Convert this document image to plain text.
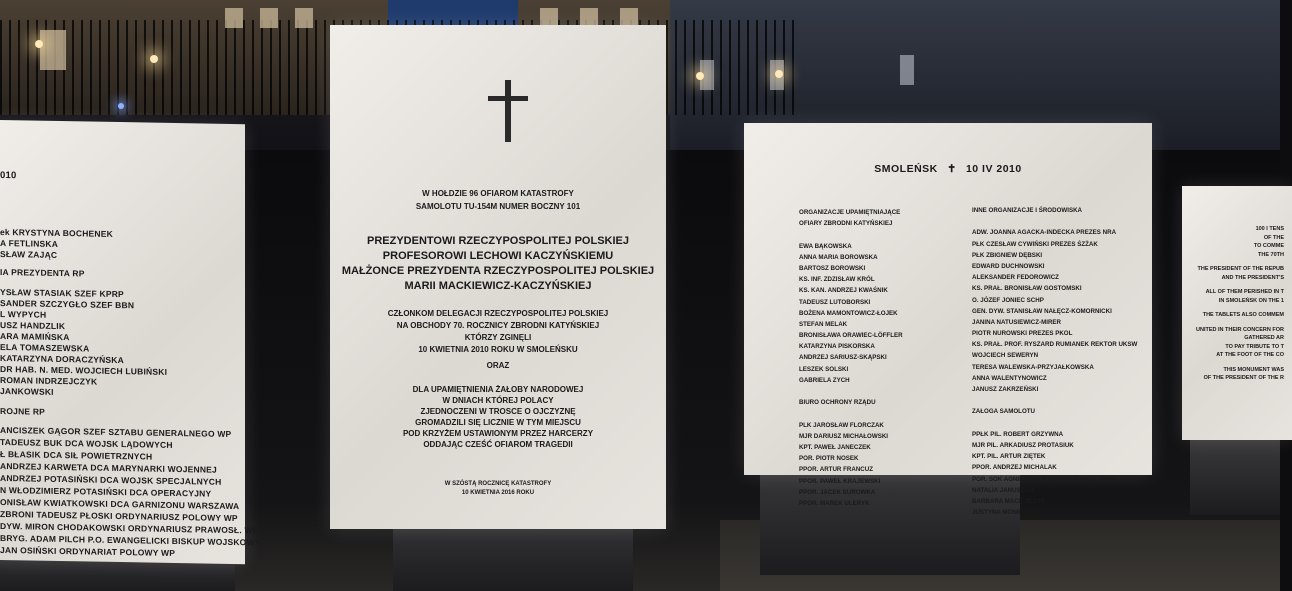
010
ek KRYSTYNA BOCHENEK
A FETLINSKA
SŁAW ZAJĄC
IA PREZYDENTA RP
YSŁAW STASIAK SZEF KPRP
SANDER SZCZYGŁO SZEF BBN
L WYPYCH
USZ HANDZLIK
ARA MAMIŃSKA
ELA TOMASZEWSKA
KATARZYNA DORACZYŃSKA
DR HAB. N. MED. WOJCIECH LUBIŃSKI
ROMAN INDRZEJCZYK
JANKOWSKI
ROJNE RP
ANCISZEK GĄGOR SZEF SZTABU GENERALNEGO WP
TADEUSZ BUK DCA WOJSK LĄDOWYCH
Ł BŁASIK DCA SIŁ POWIETRZNYCH
ANDRZEJ KARWETA DCA MARYNARKI WOJENNEJ
ANDRZEJ POTASIŃSKI DCA WOJSK SPECJALNYCH
N WŁODZIMIERZ POTASIŃSKI DCA OPERACYJNY
ONISŁAW KWIATKOWSKI DCA GARNIZONU WARSZAWA
ZBRONI TADEUSZ PŁOSKI ORDYNARIUSZ POLOWY WP
DYW. MIRON CHODAKOWSKI ORDYNARIUSZ PRAWOSŁ. WP
BRYG. ADAM PILCH P.O. EWANGELICKI BISKUP WOJSKOWY
JAN OSIŃSKI ORDYNARIAT POLOWY WP
W HOŁDZIE 96 OFIAROM KATASTROFY
SAMOLOTU TU-154M NUMER BOCZNY 101
PREZYDENTOWI RZECZYPOSPOLITEJ POLSKIEJ
PROFESOROWI LECHOWI KACZYŃSKIEMU
MAŁŻONCE PREZYDENTA RZECZYPOSPOLITEJ POLSKIEJ
MARII MACKIEWICZ-KACZYŃSKIEJ
CZŁONKOM DELEGACJI RZECZYPOSPOLITEJ POLSKIEJ
NA OBCHODY 70. ROCZNICY ZBRODNI KATYŃSKIEJ
KTÓRZY ZGINĘLI
10 KWIETNIA 2010 ROKU W SMOLEŃSKU
ORAZ
DLA UPAMIĘTNIENIA ŻAŁOBY NARODOWEJ
W DNIACH KTÓREJ POLACY
ZJEDNOCZENI W TROSCE O OJCZYZNĘ
GROMADZILI SIĘ LICZNIE W TYM MIEJSCU
POD KRZYŻEM USTAWIONYM PRZEZ HARCERZY
ODDAJĄC CZEŚĆ OFIAROM TRAGEDII
W SZÓSTĄ ROCZNICĘ KATASTROFY
10 KWIETNIA 2016 ROKU
SMOLEŃSK ✝ 10 IV 2010
ORGANIZACJE UPAMIĘTNIAJĄCE
OFIARY ZBRODNI KATYŃSKIEJ
EWA BĄKOWSKA
ANNA MARIA BOROWSKA
BARTOSZ BOROWSKI
KS. INF. ZDZISŁAW KRÓL
KS. KAN. ANDRZEJ KWAŚNIK
TADEUSZ LUTOBORSKI
BOŻENA MAMONTOWICZ-ŁOJEK
STEFAN MELAK
BRONISŁAWA ORAWIEC-LÖFFLER
KATARZYNA PISKORSKA
ANDRZEJ SARIUSZ-SKĄPSKI
LESZEK SOLSKI
GABRIELA ZYCH
BIURO OCHRONY RZĄDU
PLK JAROSŁAW FLORCZAK
MJR DARIUSZ MICHAŁOWSKI
KPT. PAWEŁ JANECZEK
POR. PIOTR NOSEK
PPOR. ARTUR FRANCUZ
PPOR. PAWEŁ KRAJEWSKI
PPOR. JACEK SUROWKA
PPOR. MAREK ULERYK
INNE ORGANIZACJE I ŚRODOWISKA
ADW. JOANNA AGACKA-INDECKA PREZES NRA
PŁK CZESŁAW CYWIŃSKI PREZES ŚZŻAK
PŁK ZBIGNIEW DĘBSKI
EDWARD DUCHNOWSKI
ALEKSANDER FEDOROWICZ
KS. PRAŁ. BRONISŁAW GOSTOMSKI
O. JÓZEF JONIEC SCHP
GEN. DYW. STANISŁAW NAŁĘCZ-KOMORNICKI
JANINA NATUSIEWICZ-MIRER
PIOTR NUROWSKI PREZES PKOL
KS. PRAŁ. PROF. RYSZARD RUMIANEK REKTOR UKSW
WOJCIECH SEWERYN
TERESA WALEWSKA-PRZYJAŁKOWSKA
ANNA WALENTYNOWICZ
JANUSZ ZAKRZEŃSKI
ZAŁOGA SAMOLOTU
PPŁK PIL. ROBERT GRZYWNA
MJR PIL. ARKADIUSZ PROTASIUK
KPT. PIL. ARTUR ZIĘTEK
PPOR. ANDRZEJ MICHALAK
POR. SOK AGNIESZKA POGRÓDKA-WĘCŁAWEK
NATALIA JANUSZKO
BARBARA MACIEJCZYK
JUSTYNA MONIUSZKO
100 I TENS
OF THE
TO COMME
THE 70TH
THE PRESIDENT OF THE REPUB
AND THE PRESIDENT'S
ALL OF THEM PERISHED IN T
IN SMOLEŃSK ON THE 1
THE TABLETS ALSO COMMEM
UNITED IN THEIR CONCERN FOR
GATHERED AR
TO PAY TRIBUTE TO T
AT THE FOOT OF THE CO
THIS MONUMENT WAS
OF THE PRESIDENT OF THE R
